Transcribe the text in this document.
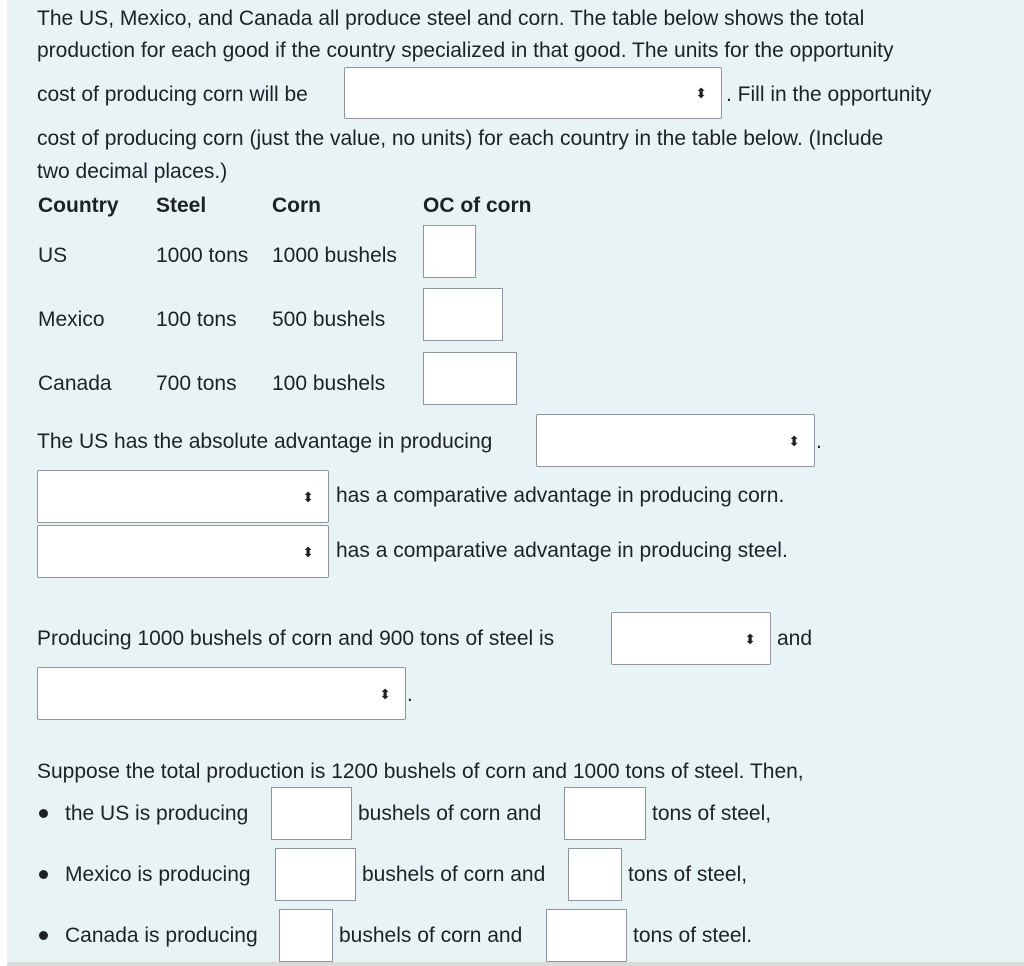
The US, Mexico, and Canada all produce steel and corn. The table below shows the total
production for each good if the country specialized in that good. The units for the opportunity
cost of producing corn will be	⬍ . Fill in the opportunity
cost of producing corn (just the value, no units) for each country in the table below. (Include
two decimal places.)
Country Steel	Corn	OC of corn
US	1000 tons 1000 bushels
Mexico 100 tons 500 bushels
Canada 700 tons 100 bushels
The US has the absolute advantage in producing	⬍ .
⬍ has a comparative advantage in producing corn.
⬍ has a comparative advantage in producing steel.
Producing 1000 bushels of corn and 900 tons of steel is	⬍ and
⬍ .
Suppose the total production is 1200 bushels of corn and 1000 tons of steel. Then,
the US is producing	bushels of corn and	tons of steel,
Mexico is producing	bushels of corn and	tons of steel,
Canada is producing	bushels of corn and	tons of steel.
